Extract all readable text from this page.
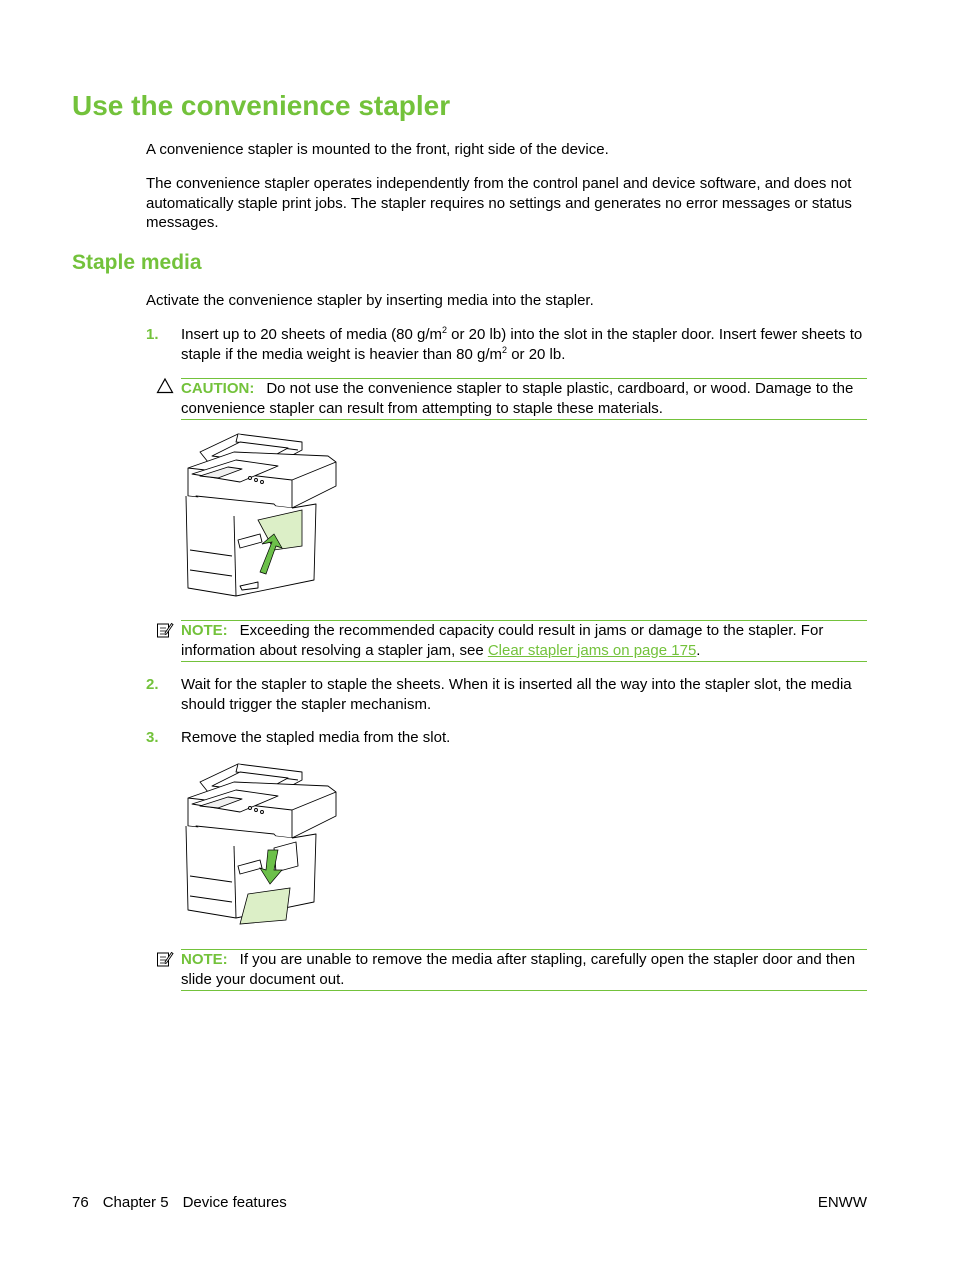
Use the convenience stapler

A convenience stapler is mounted to the front, right side of the device.

The convenience stapler operates independently from the control panel and device software, and does not automatically staple print jobs. The stapler requires no settings and generates no error messages or status messages.

Staple media

Activate the convenience stapler by inserting media into the stapler.

1. Insert up to 20 sheets of media (80 $g/m^2$ or 20 lb) into the slot in the stapler door. Insert fewer sheets to staple if the media weight is heavier than 80 $g/m^2$ or 20 lb.

CAUTION: Do not use the convenience stapler to staple plastic, cardboard, or wood. Damage to the convenience stapler can result from attempting to staple these materials.
NOTE: Exceeding the recommended capacity could result in jams or damage to the stapler. For information about resolving a stapler jam, see Clear stapler jams on page 175.
2. Wait for the stapler to staple the sheets. When it is inserted all the way into the stapler slot, the media should trigger the stapler mechanism.

3. Remove the stapled media from the slot.

NOTE: If you are unable to remove the media after stapling, carefully open the stapler door and then slide your document out.
76 Chapter 5 Device features	ENWW
